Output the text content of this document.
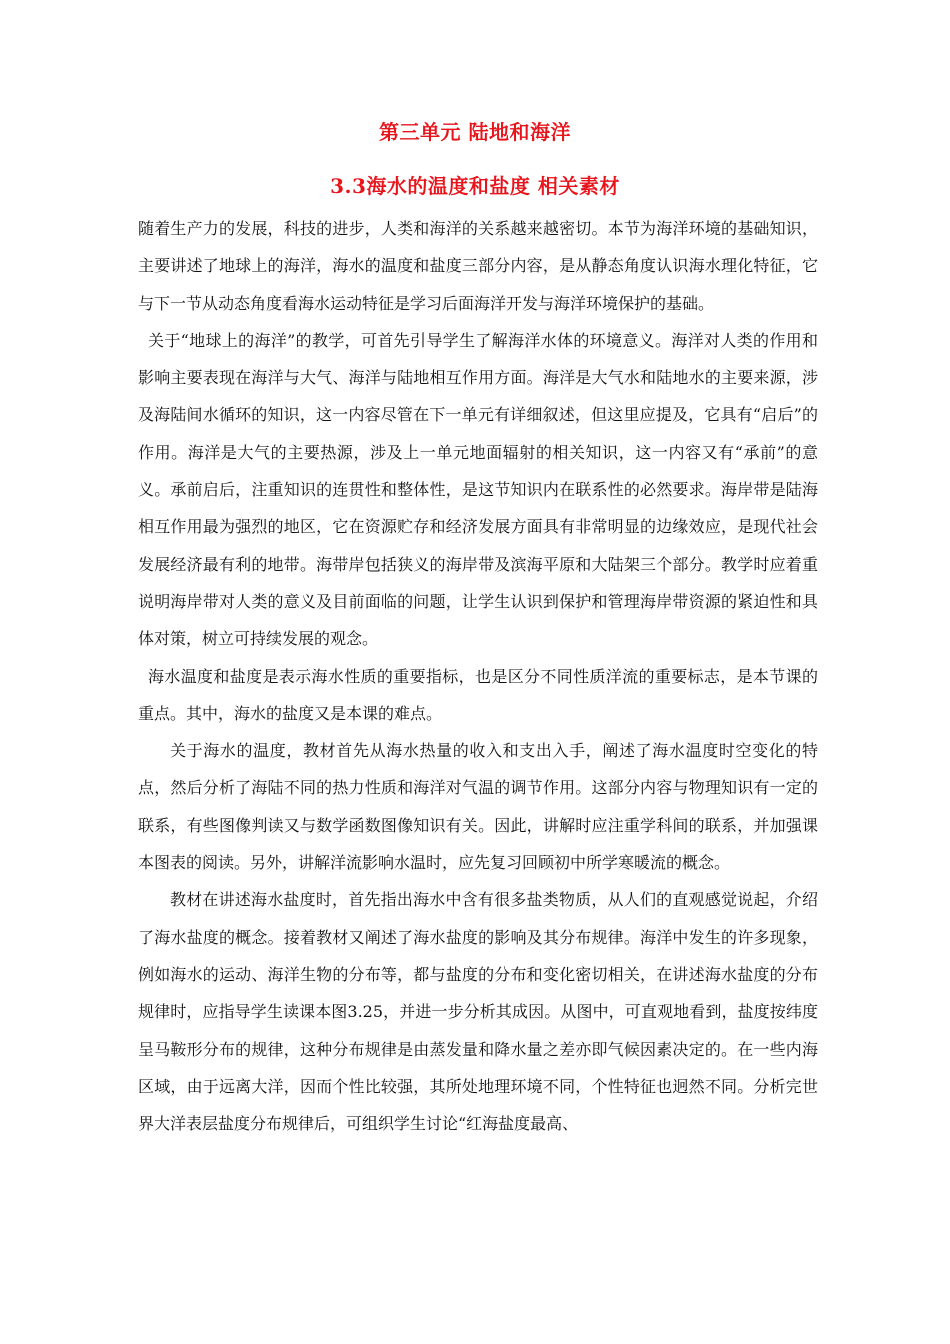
第三单元 陆地和海洋
3.3海水的温度和盐度 相关素材

随着生产力的发展，科技的进步，人类和海洋的关系越来越密切。本节为海洋环境的基础知识，主要讲述了地球上的海洋，海水的温度和盐度三部分内容，是从静态角度认识海水理化特征，它与下一节从动态角度看海水运动特征是学习后面海洋开发与海洋环境保护的基础。

关于“地球上的海洋”的教学，可首先引导学生了解海洋水体的环境意义。海洋对人类的作用和影响主要表现在海洋与大气、海洋与陆地相互作用方面。海洋是大气水和陆地水的主要来源，涉及海陆间水循环的知识，这一内容尽管在下一单元有详细叙述，但这里应提及，它具有“启后”的作用。海洋是大气的主要热源，涉及上一单元地面辐射的相关知识，这一内容又有“承前”的意义。承前启后，注重知识的连贯性和整体性，是这节知识内在联系性的必然要求。海岸带是陆海相互作用最为强烈的地区，它在资源贮存和经济发展方面具有非常明显的边缘效应，是现代社会发展经济最有利的地带。海带岸包括狭义的海岸带及滨海平原和大陆架三个部分。教学时应着重说明海岸带对人类的意义及目前面临的问题，让学生认识到保护和管理海岸带资源的紧迫性和具体对策，树立可持续发展的观念。

海水温度和盐度是表示海水性质的重要指标，也是区分不同性质洋流的重要标志，是本节课的重点。其中，海水的盐度又是本课的难点。

关于海水的温度，教材首先从海水热量的收入和支出入手，阐述了海水温度时空变化的特点，然后分析了海陆不同的热力性质和海洋对气温的调节作用。这部分内容与物理知识有一定的联系，有些图像判读又与数学函数图像知识有关。因此，讲解时应注重学科间的联系，并加强课本图表的阅读。另外，讲解洋流影响水温时，应先复习回顾初中所学寒暖流的概念。

教材在讲述海水盐度时，首先指出海水中含有很多盐类物质，从人们的直观感觉说起，介绍了海水盐度的概念。接着教材又阐述了海水盐度的影响及其分布规律。海洋中发生的许多现象，例如海水的运动、海洋生物的分布等，都与盐度的分布和变化密切相关，在讲述海水盐度的分布规律时，应指导学生读课本图3.25，并进一步分析其成因。从图中，可直观地看到，盐度按纬度呈马鞍形分布的规律，这种分布规律是由蒸发量和降水量之差亦即气候因素决定的。在一些内海区域，由于远离大洋，因而个性比较强，其所处地理环境不同，个性特征也迥然不同。分析完世界大洋表层盐度分布规律后，可组织学生讨论“红海盐度最高、
